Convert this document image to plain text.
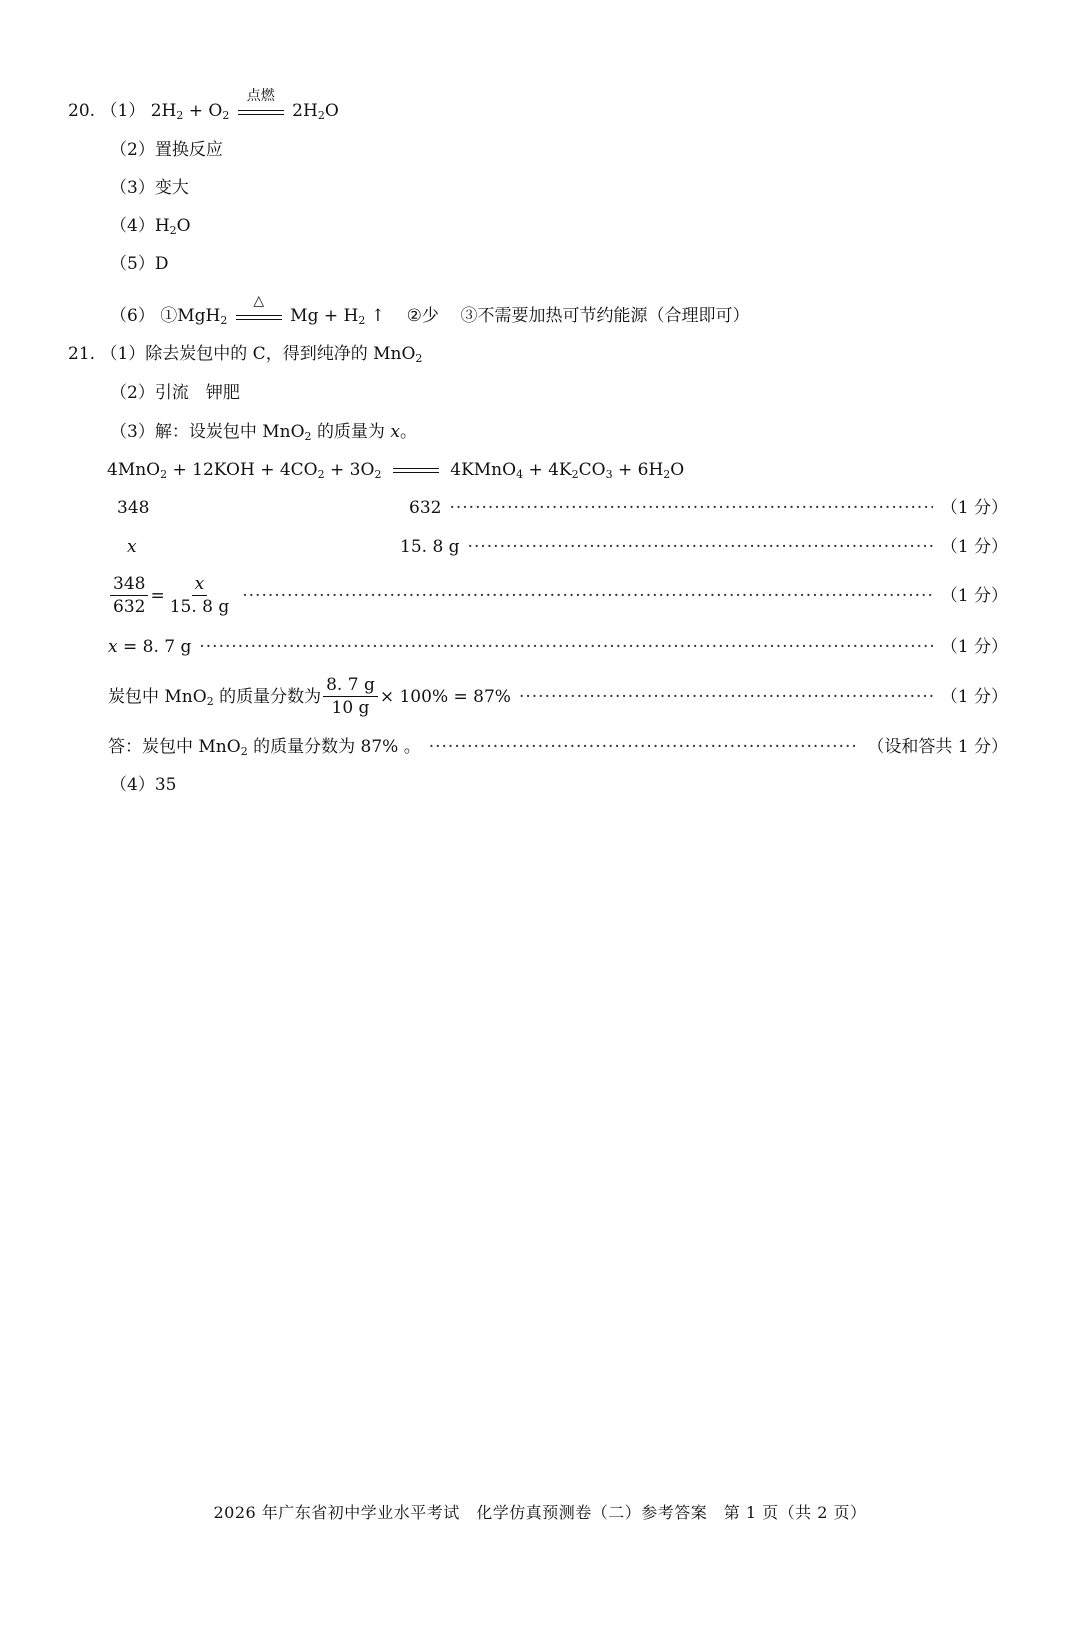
20. （1） $2H_2 + O_2$
点燃
$2H_2O$
（2）置换反应
（3）变大
$(4)H_2O$
（5）D
（6） ①MgH$_2$
△
$Mg + H_2$ ↑ ②少 ③不需要加热可节约能源（合理即可）
21. （1）除去炭包中的 C，得到纯净的 MnO$_2$
（2）引流　钾肥
（3）解：设炭包中 MnO$_2$ 的质量为 x。
$4MnO_2 + 12KOH + 4CO_2 + 3O_2$	4KMnO$_4$ + $4K_2CO_3 + 6H_2O$
348	632 ·····	（1 分）
x	15. 8 g ·····	（1 分）
$\frac{348}{632} = \frac{x}{15. 8 g}$ ·····	（1 分）
x = 8. 7 g ·····	（1 分）
炭包中 MnO$_2$ 的质量分数为 $\frac{8. 7 g}{10 g} \times 100\% = 87\%$ ·····	（1 分）
答：炭包中 MnO$_2$ 的质量分数为 87% 。 ·····	（设和答共 1 分）
（4）35
2026 年广东省初中学业水平考试　化学仿真预测卷（二）参考答案　第 1 页（共 2 页）
